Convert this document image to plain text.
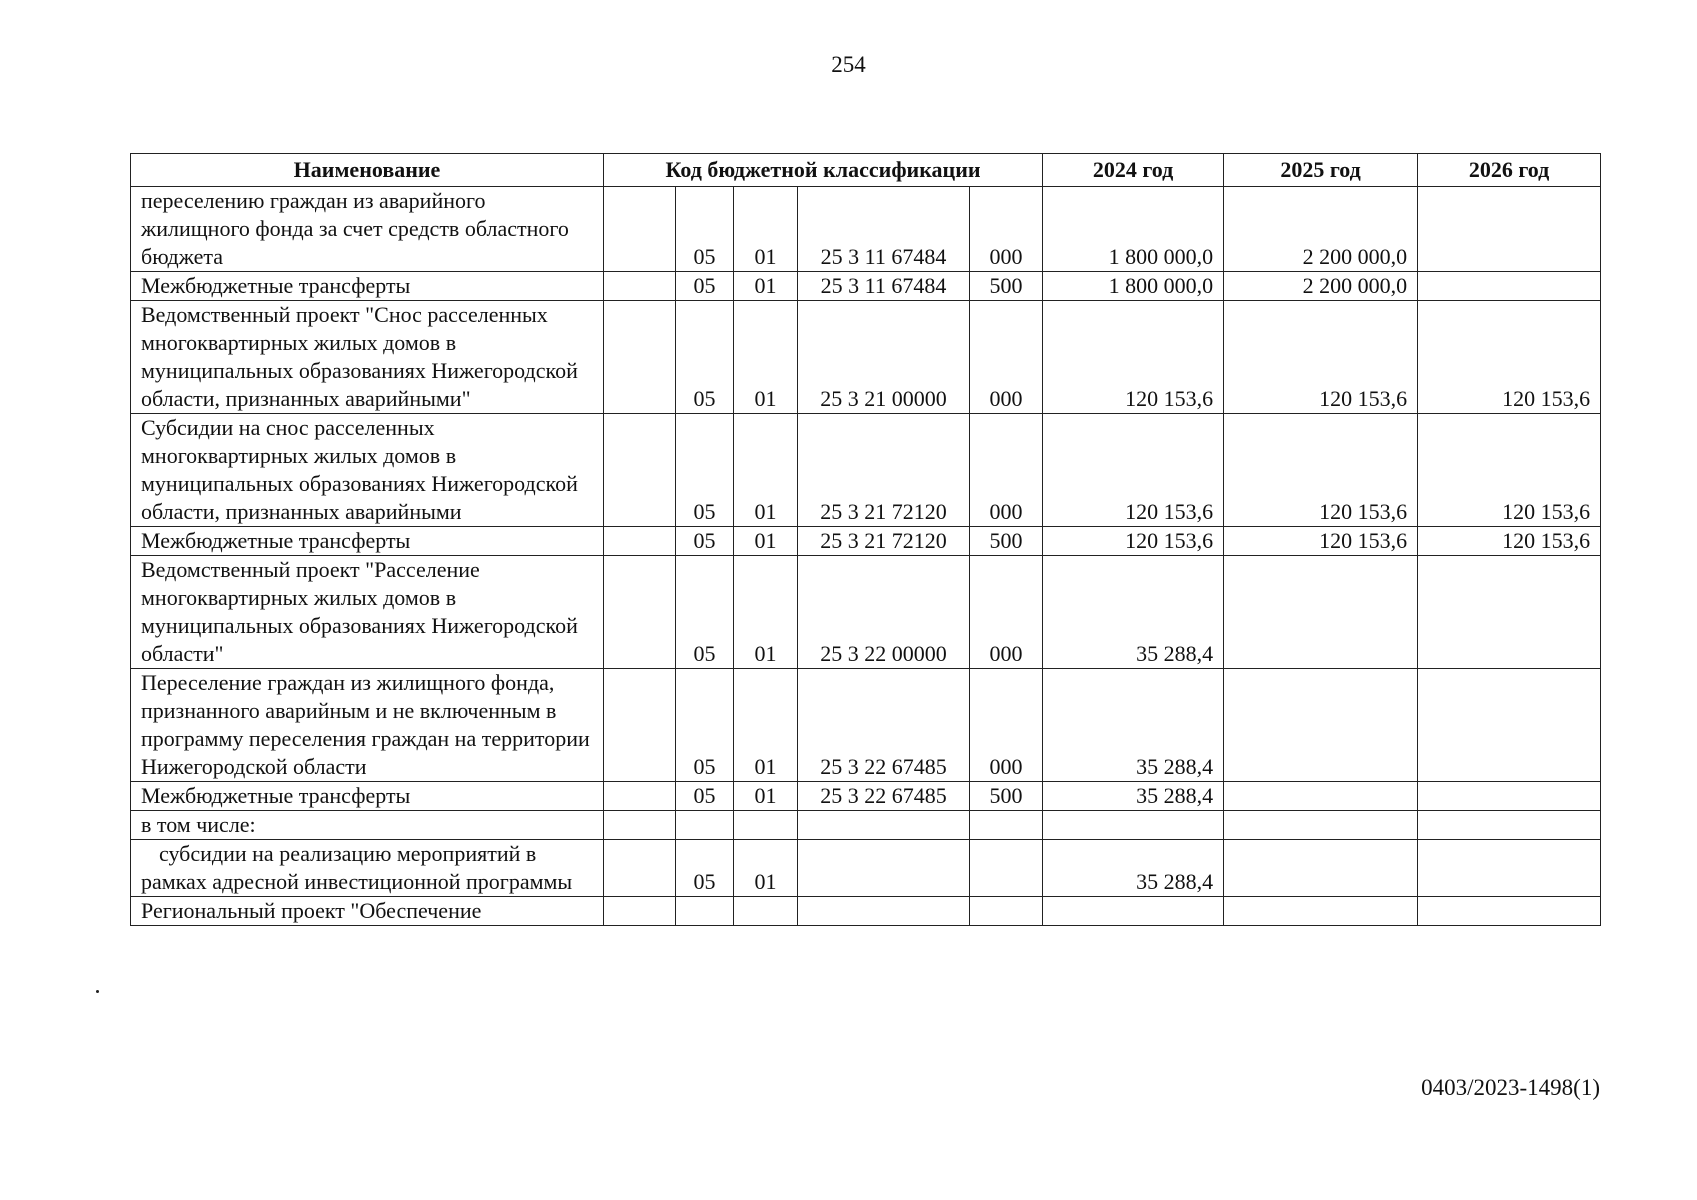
254
Наименование	Код бюджетной классификации					2024 год	2025 год	2026 год
переселению граждан из аварийного жилищного фонда за счет средств областного бюджета		05	01	25 3 11 67484	000	1 800 000,0	2 200 000,0	
Межбюджетные трансферты		05	01	25 3 11 67484	500	1 800 000,0	2 200 000,0	
Ведомственный проект "Снос расселенных многоквартирных жилых домов в муниципальных образованиях Нижегородской области, признанных аварийными"		05	01	25 3 21 00000	000	120 153,6	120 153,6	120 153,6
Субсидии на снос расселенных многоквартирных жилых домов в муниципальных образованиях Нижегородской области, признанных аварийными		05	01	25 3 21 72120	000	120 153,6	120 153,6	120 153,6
Межбюджетные трансферты		05	01	25 3 21 72120	500	120 153,6	120 153,6	120 153,6
Ведомственный проект "Расселение многоквартирных жилых домов в муниципальных образованиях Нижегородской области"		05	01	25 3 22 00000	000	35 288,4		
Переселение граждан из жилищного фонда, признанного аварийным и не включенным в программу переселения граждан на территории Нижегородской области		05	01	25 3 22 67485	000	35 288,4		
Межбюджетные трансферты		05	01	25 3 22 67485	500	35 288,4		
в том числе:								
субсидии на реализацию мероприятий в рамках адресной инвестиционной программы		05	01			35 288,4		
Региональный проект "Обеспечение								
0403/2023-1498(1)
